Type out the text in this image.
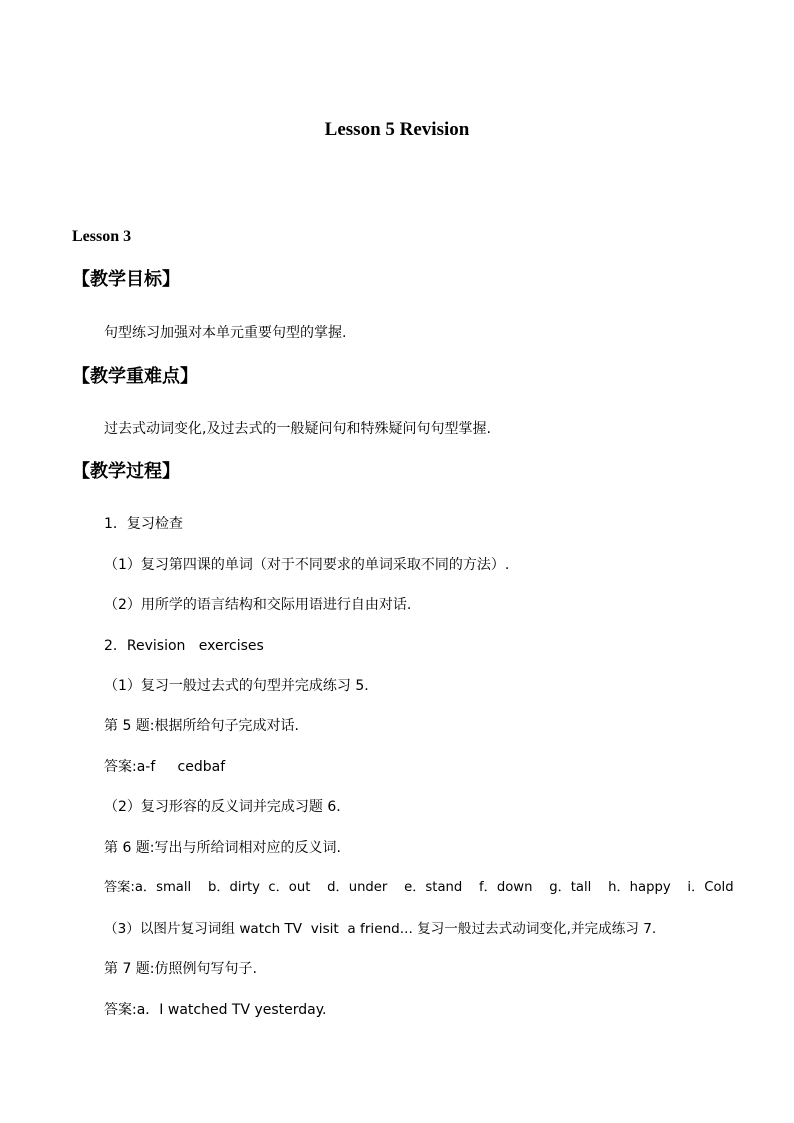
Lesson 5 Revision
Lesson 3
【教学目标】
句型练习加强对本单元重要句型的掌握.
【教学重难点】
过去式动词变化,及过去式的一般疑问句和特殊疑问句句型掌握.
【教学过程】
1．复习检查
（1）复习第四课的单词（对于不同要求的单词采取不同的方法）.
（2）用所学的语言结构和交际用语进行自由对话.
2．Revision   exercises
（1）复习一般过去式的句型并完成练习 5.
第 5 题:根据所给句子完成对话.
答案:a-f     cedbaf
（2）复习形容的反义词并完成习题 6.
第 6 题:写出与所给词相对应的反义词.
答案:a．small    b．dirty  c．out    d．under    e．stand    f．down    g．tall    h．happy    i．Cold
（3）以图片复习词组 watch TV  visit  a friend... 复习一般过去式动词变化,并完成练习 7.
第 7 题:仿照例句写句子.
答案:a．I watched TV yesterday.
